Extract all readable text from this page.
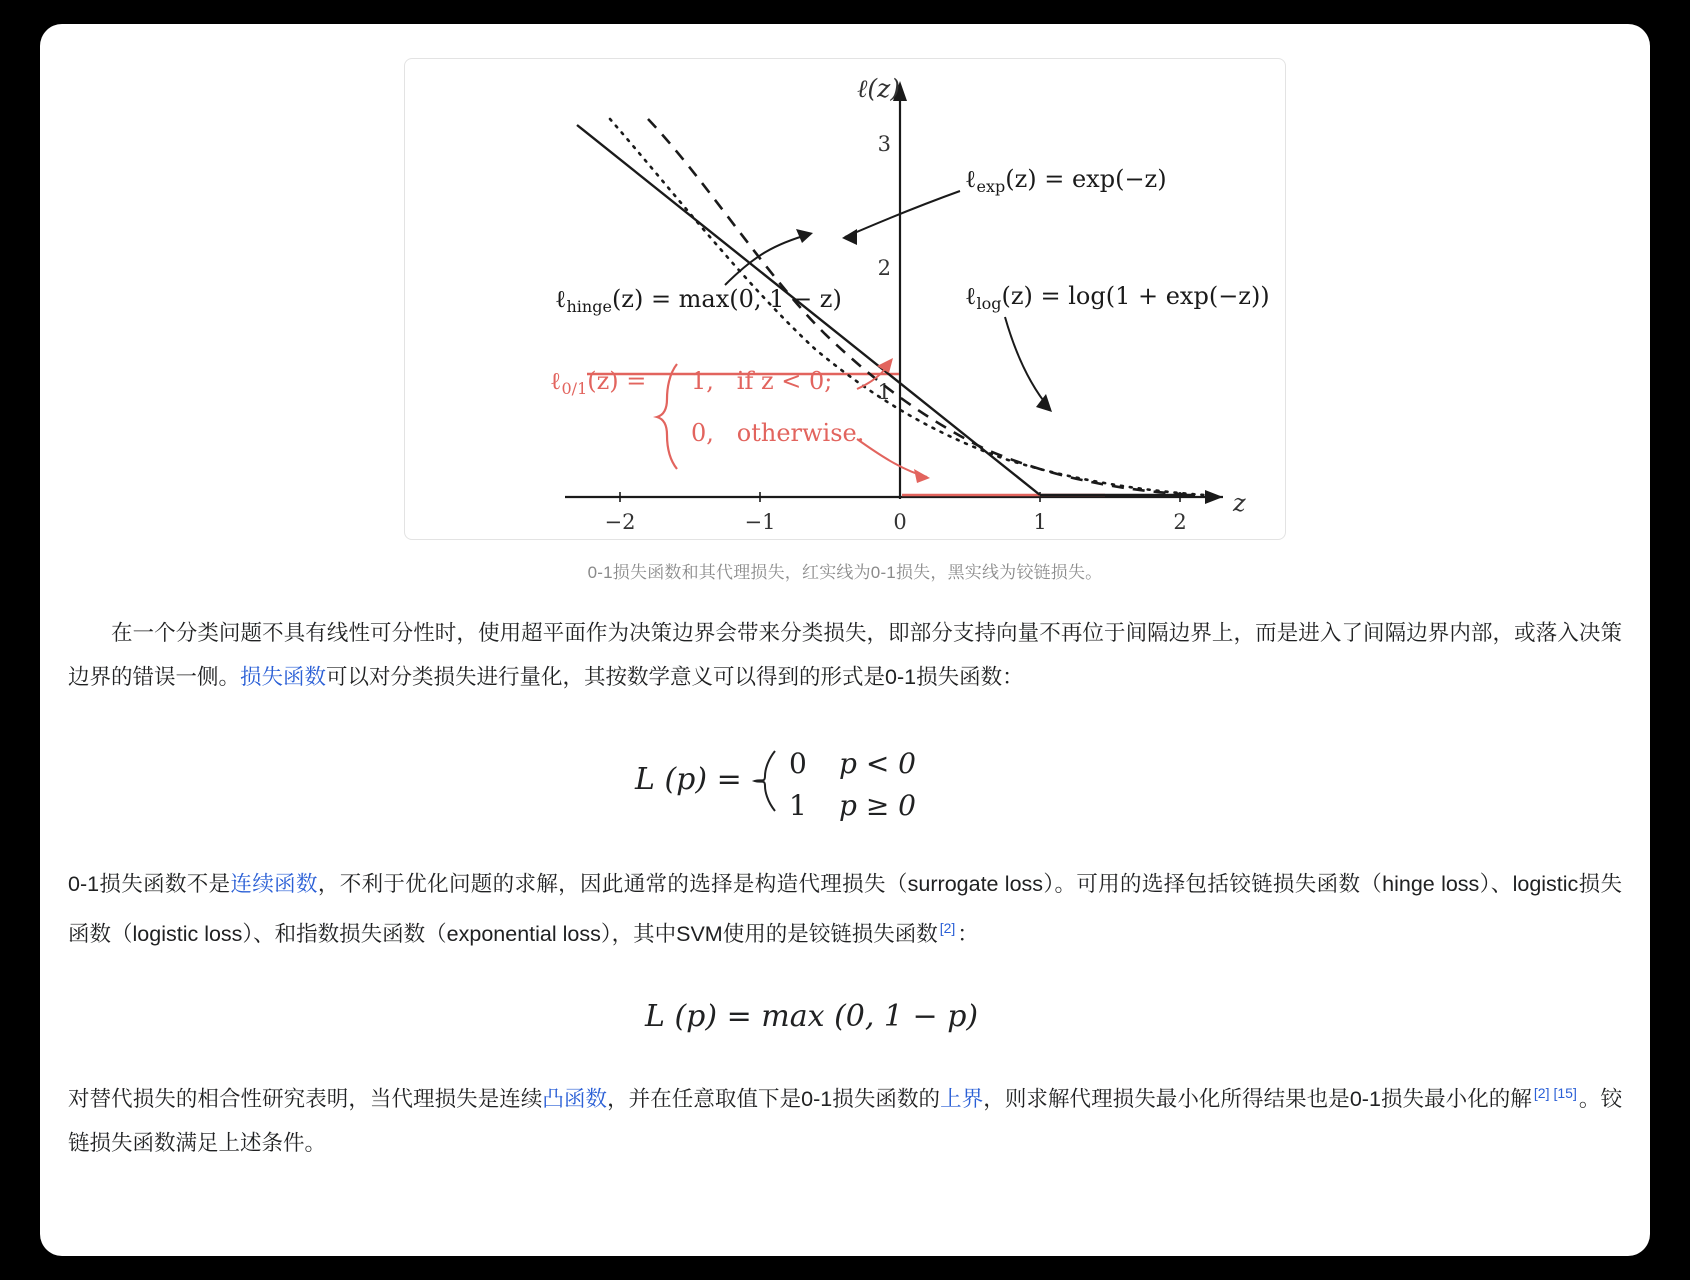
ℓ(z)
z
−2	−1	0	1	2
1
2
3
ℓ$_{exp}$(z) = exp(−z)
ℓ$_{hinge}$(z) = max(0, 1 − z)	ℓ$_{log}$(z) = log(1 + exp(−z))
ℓ$_{0/1}$(z) = 1,   if z < 0;
0,   otherwise.
0-1损失函数和其代理损失，红实线为0-1损失，黑实线为铰链损失。

在一个分类问题不具有线性可分性时，使用超平面作为决策边界会带来分类损失，即部分支持向量不再位于间隔边界上，而是进入了间隔边界内部，或落入决策边界的错误一侧。损失函数可以对分类损失进行量化，其按数学意义可以得到的形式是0-1损失函数：

L (p) = 0 p < 0
1 p ≥ 0

0-1损失函数不是连续函数，不利于优化问题的求解，因此通常的选择是构造代理损失（surrogate loss）。可用的选择包括铰链损失函数（hinge loss）、logistic损失函数（logistic loss）、和指数损失函数（exponential loss），其中SVM使用的是铰链损失函数 [2]：

L (p) = max (0, 1 − p)

对替代损失的相合性研究表明，当代理损失是连续凸函数，并在任意取值下是0-1损失函数的上界，则求解代理损失最小化所得结果也是0-1损失最小化的解 [2] [15]。铰链损失函数满足上述条件。
